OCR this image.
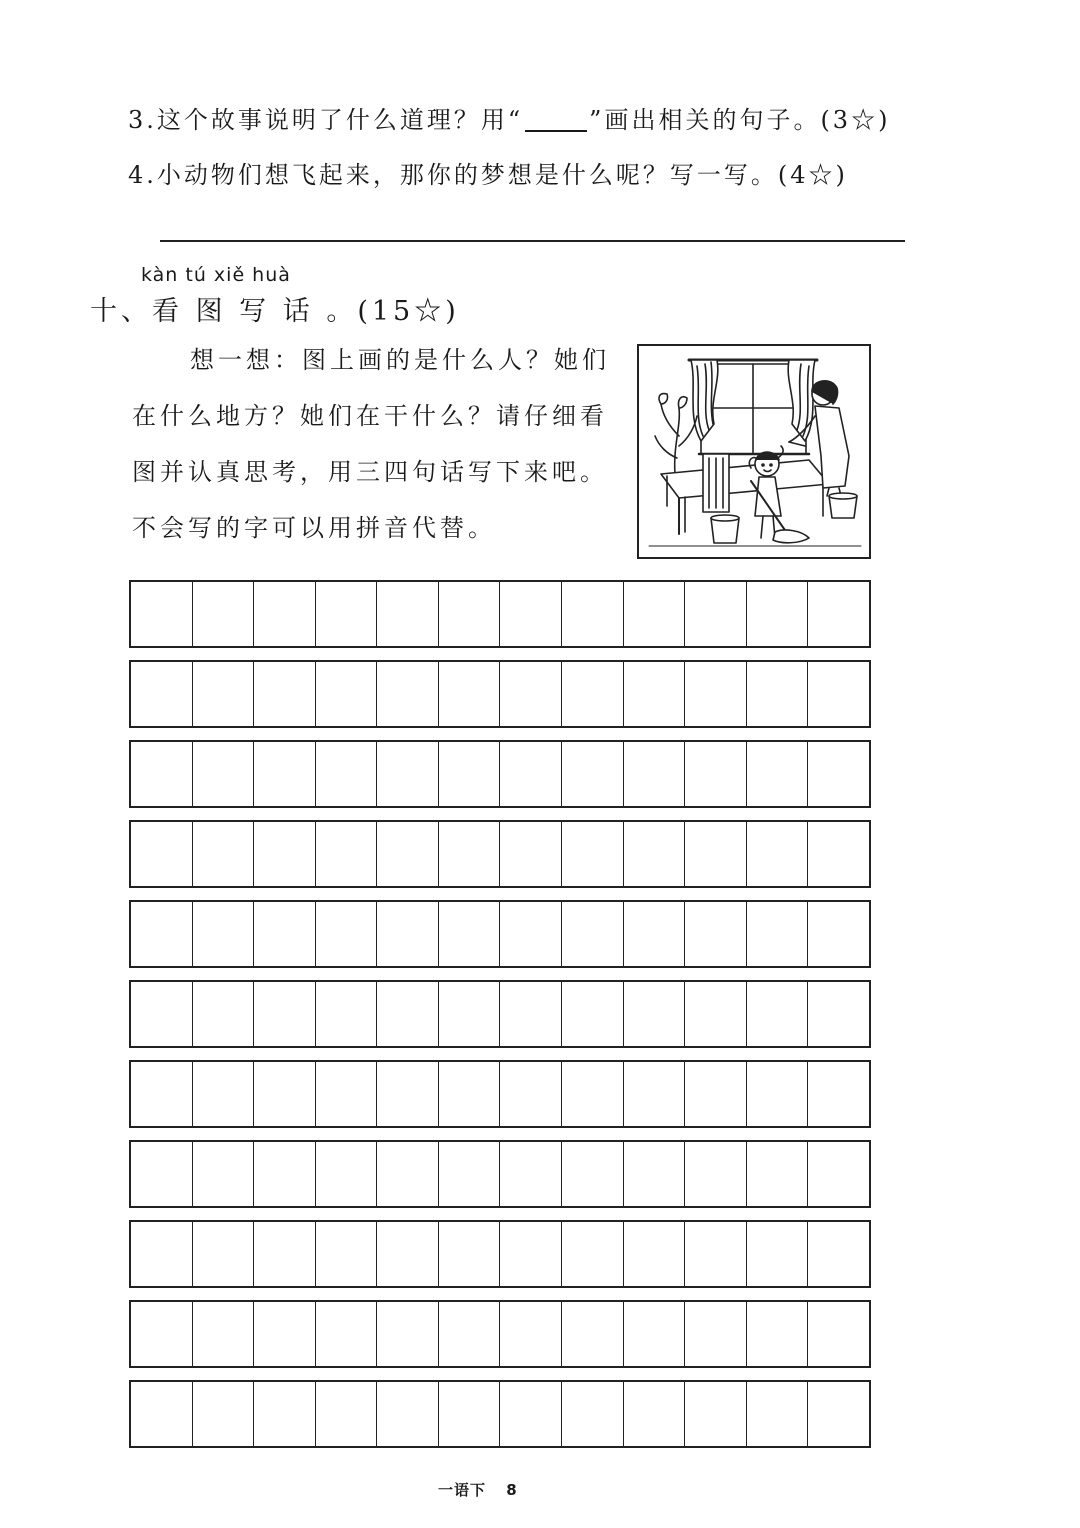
3.这个故事说明了什么道理？用“	”画出相关的句子。(3☆)
4.小动物们想飞起来，那你的梦想是什么呢？写一写。(4☆)
kàn tú xiě huà
十、看 图 写 话 。(15☆)
想一想：图上画的是什么人？她们在什么地方？她们在干什么？请仔细看图并认真思考，用三四句话写下来吧。不会写的字可以用拼音代替。
一语下 8
